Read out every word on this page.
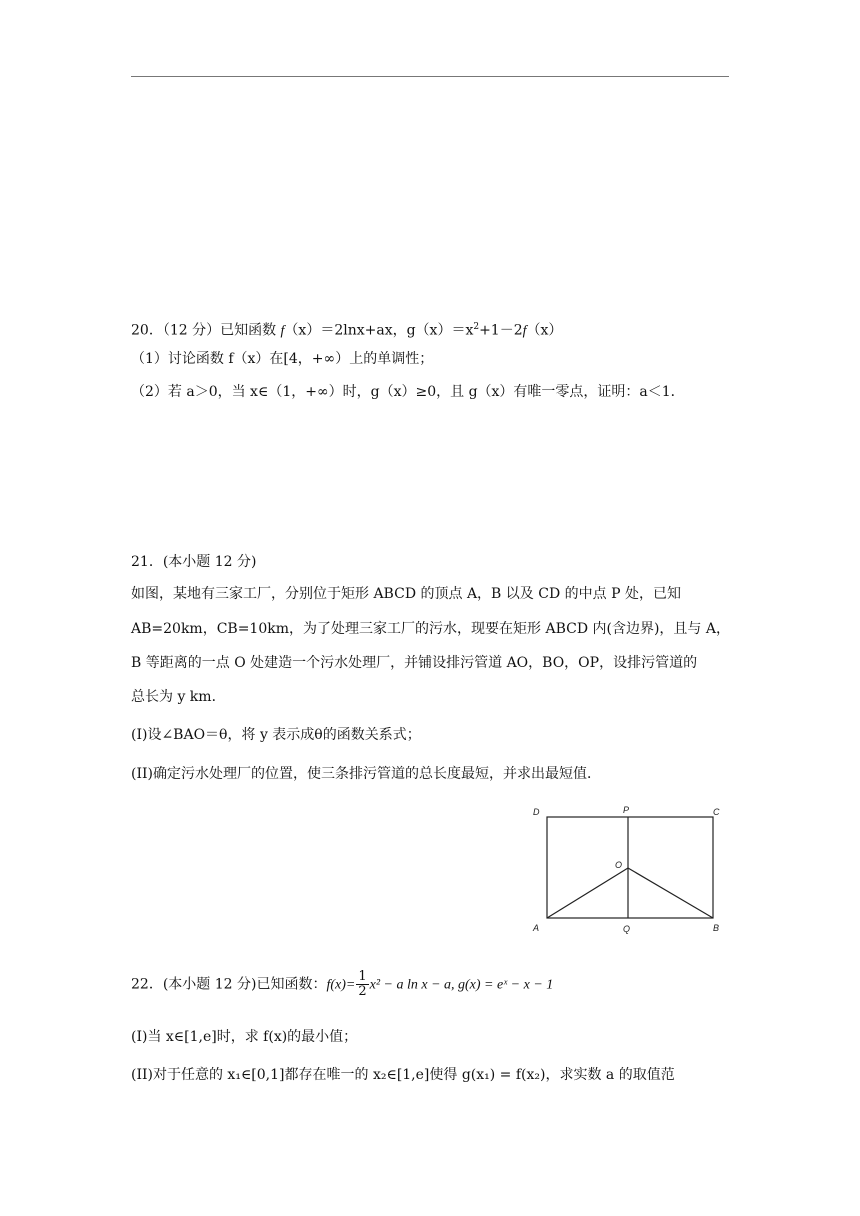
20．（12 分）已知函数 f（x）＝2lnx+ax，$g(x)=x^2+1-2f(x)$
（1）讨论函数 f（x）在[4，+∞）上的单调性；
（2）若 a＞0，当 x∈（1，+∞）时，g（x）≥0，且 g（x）有唯一零点，证明：a＜1．
21．(本小题 12 分)
如图，某地有三家工厂，分别位于矩形 ABCD 的顶点 A，B 以及 CD 的中点 P 处，已知
AB=20km，CB=10km，为了处理三家工厂的污水，现要在矩形 ABCD 内(含边界)，且与 A，
B 等距离的一点 O 处建造一个污水处理厂，并铺设排污管道 AO，BO，OP，设排污管道的
总长为 y km．
(I)设∠BAO＝θ，将 y 表示成θ的函数关系式；
(II)确定污水处理厂的位置，使三条排污管道的总长度最短，并求出最短值．
D	P	C
O
A	Q	B
22．(本小题 12 分)已知函数：$f(x)= \frac{1}{2} x^2 - a$ ln x − a, g(x) = eˣ − x − 1
(I)当 x∈[1,e]时，求 f(x)的最小值；
(II)对于任意的 x₁∈[0,1]都存在唯一的 x₂∈[1,e]使得 g(x₁) = f(x₂)，求实数 a 的取值范
